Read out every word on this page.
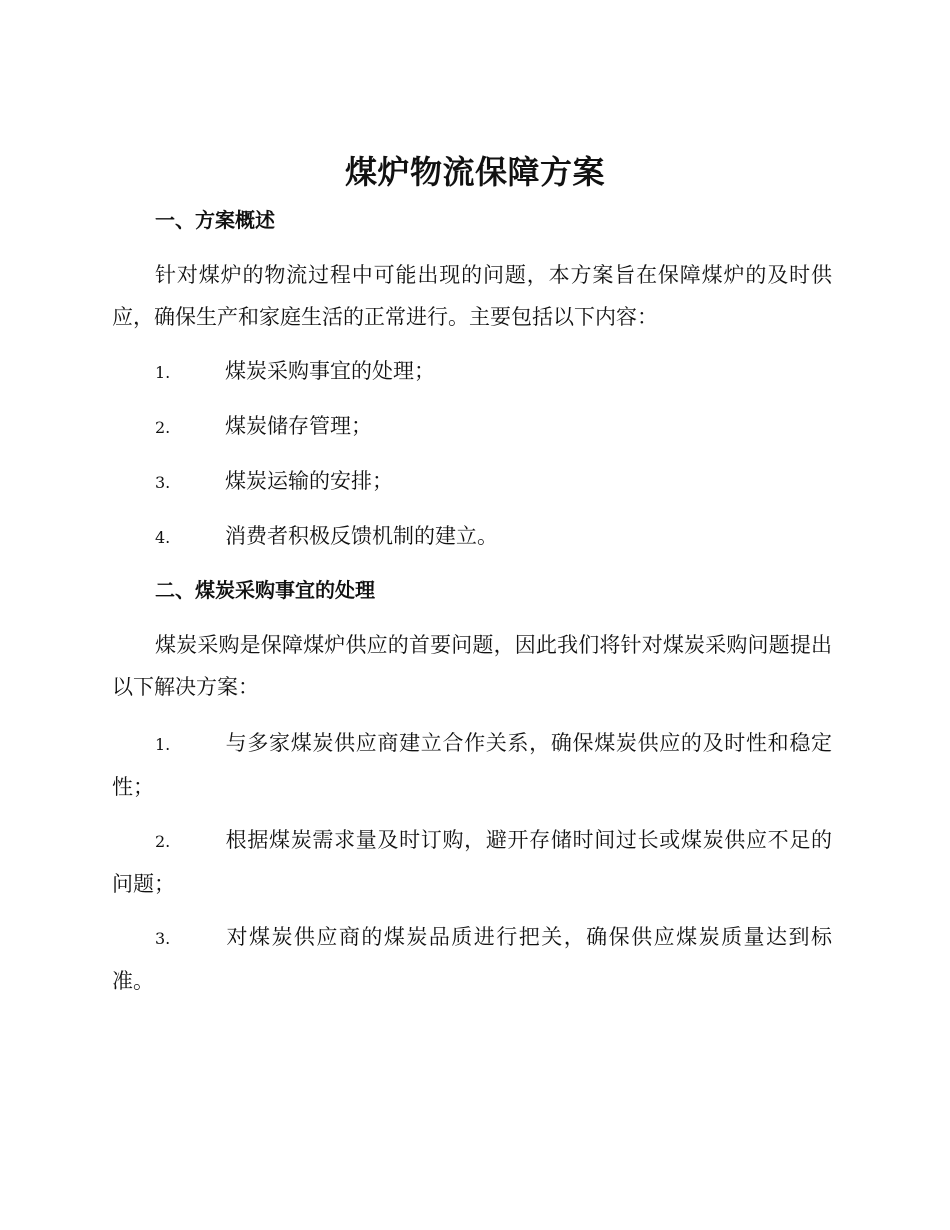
煤炉物流保障方案
一、方案概述
针对煤炉的物流过程中可能出现的问题，本方案旨在保障煤炉的及时供应，确保生产和家庭生活的正常进行。主要包括以下内容：
1.	煤炭采购事宜的处理；
2.	煤炭储存管理；
3.	煤炭运输的安排；
4.	消费者积极反馈机制的建立。
二、煤炭采购事宜的处理
煤炭采购是保障煤炉供应的首要问题，因此我们将针对煤炭采购问题提出以下解决方案：
1.	与多家煤炭供应商建立合作关系，确保煤炭供应的及时性和稳定性；
2.	根据煤炭需求量及时订购，避开存储时间过长或煤炭供应不足的问题；
3.	对煤炭供应商的煤炭品质进行把关，确保供应煤炭质量达到标准。
